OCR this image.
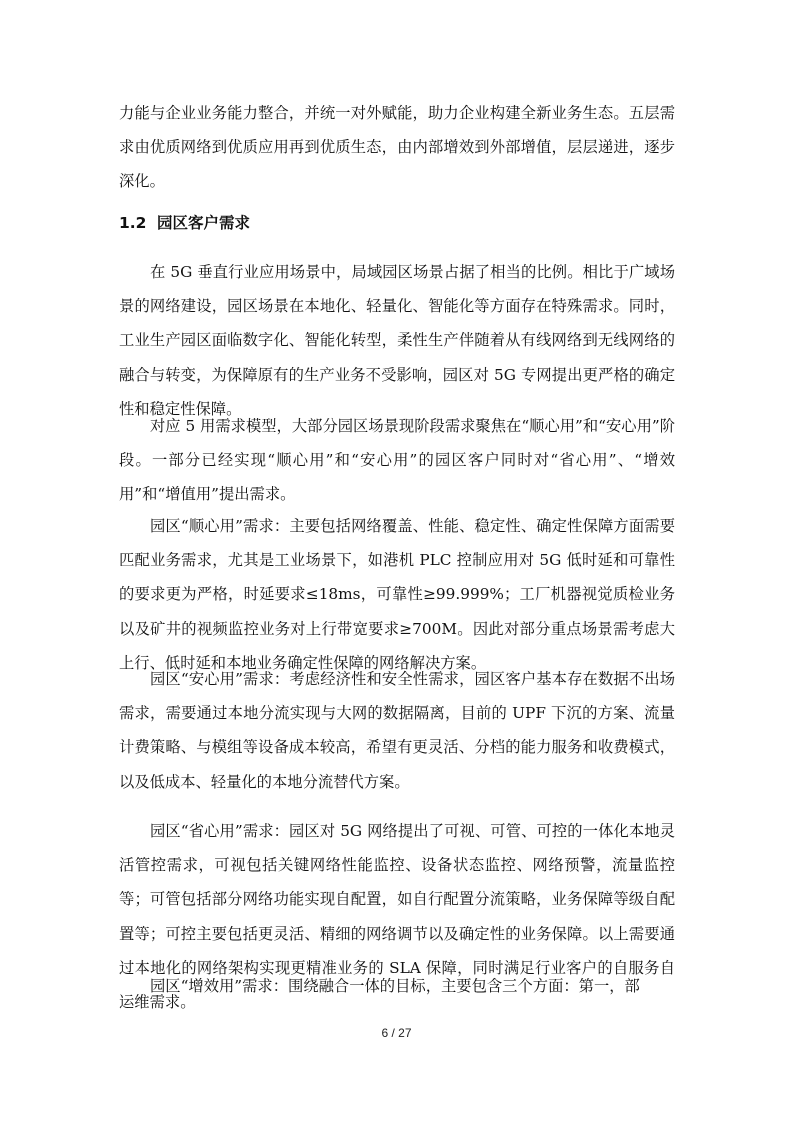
力能与企业业务能力整合，并统一对外赋能，助力企业构建全新业务生态。五层需求由优质网络到优质应用再到优质生态，由内部增效到外部增值，层层递进，逐步深化。

1.2 园区客户需求

在 5G 垂直行业应用场景中，局域园区场景占据了相当的比例。相比于广域场景的网络建设，园区场景在本地化、轻量化、智能化等方面存在特殊需求。同时，工业生产园区面临数字化、智能化转型，柔性生产伴随着从有线网络到无线网络的融合与转变，为保障原有的生产业务不受影响，园区对 5G 专网提出更严格的确定性和稳定性保障。

对应 5 用需求模型，大部分园区场景现阶段需求聚焦在“顺心用”和“安心用”阶段。一部分已经实现“顺心用”和“安心用”的园区客户同时对“省心用”、“增效用”和“增值用”提出需求。

园区“顺心用”需求：主要包括网络覆盖、性能、稳定性、确定性保障方面需要匹配业务需求，尤其是工业场景下，如港机 PLC 控制应用对 5G 低时延和可靠性的要求更为严格，时延要求≤18ms，可靠性≥99.999%；工厂机器视觉质检业务以及矿井的视频监控业务对上行带宽要求≥700M。因此对部分重点场景需考虑大上行、低时延和本地业务确定性保障的网络解决方案。

园区“安心用”需求：考虑经济性和安全性需求，园区客户基本存在数据不出场需求，需要通过本地分流实现与大网的数据隔离，目前的 UPF 下沉的方案、流量计费策略、与模组等设备成本较高，希望有更灵活、分档的能力服务和收费模式，以及低成本、轻量化的本地分流替代方案。

园区“省心用”需求：园区对 5G 网络提出了可视、可管、可控的一体化本地灵活管控需求，可视包括关键网络性能监控、设备状态监控、网络预警，流量监控等；可管包括部分网络功能实现自配置，如自行配置分流策略，业务保障等级自配置等；可控主要包括更灵活、精细的网络调节以及确定性的业务保障。以上需要通过本地化的网络架构实现更精准业务的 SLA 保障，同时满足行业客户的自服务自运维需求。

园区“增效用”需求：围绕融合一体的目标，主要包含三个方面：第一，部

6 / 27
